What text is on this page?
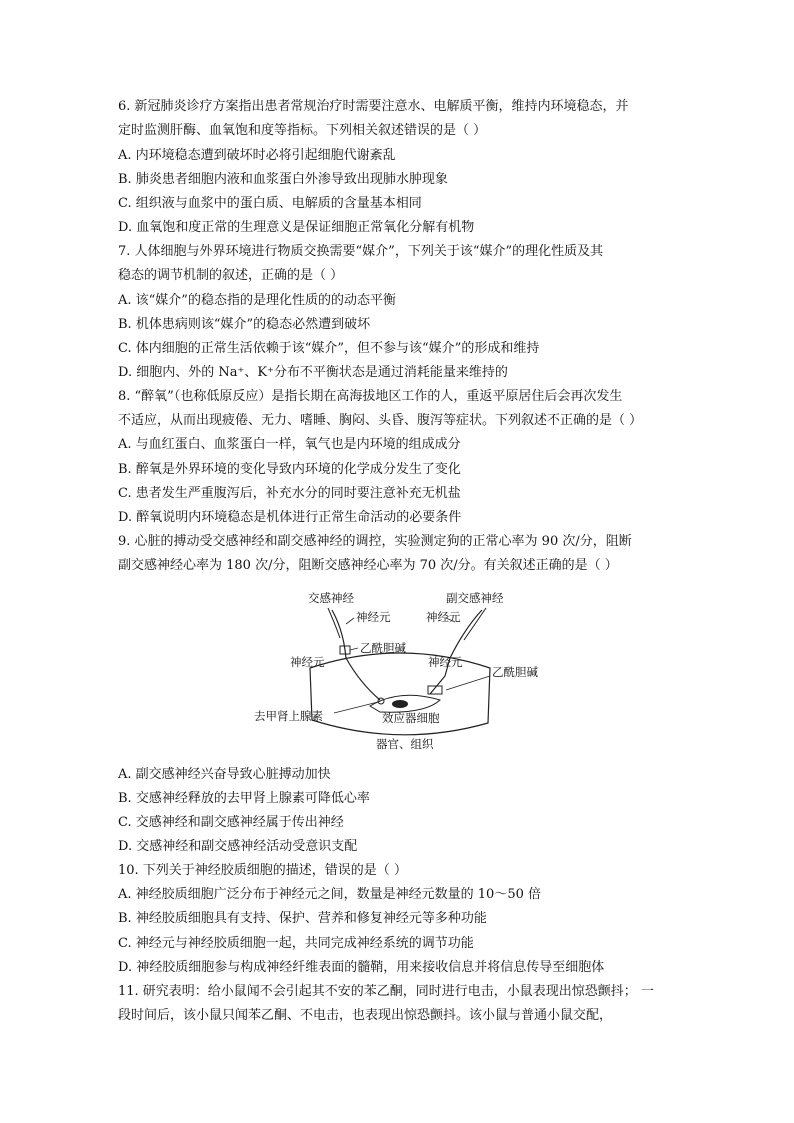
6. 新冠肺炎诊疗方案指出患者常规治疗时需要注意水、电解质平衡，维持内环境稳态，并
定时监测肝酶、血氧饱和度等指标。下列相关叙述错误的是（ ）
A. 内环境稳态遭到破坏时必将引起细胞代谢紊乱
B. 肺炎患者细胞内液和血浆蛋白外渗导致出现肺水肿现象
C. 组织液与血浆中的蛋白质、电解质的含量基本相同
D. 血氧饱和度正常的生理意义是保证细胞正常氧化分解有机物
7. 人体细胞与外界环境进行物质交换需要“媒介”，下列关于该“媒介”的理化性质及其
稳态的调节机制的叙述，正确的是（ ）
A. 该“媒介”的稳态指的是理化性质的的动态平衡
B. 机体患病则该“媒介”的稳态必然遭到破坏
C. 体内细胞的正常生活依赖于该“媒介”，但不参与该“媒介”的形成和维持
D. 细胞内、外的 Na⁺、K⁺分布不平衡状态是通过消耗能量来维持的
8. “醉氧”（也称低原反应）是指长期在高海拔地区工作的人，重返平原居住后会再次发生
不适应，从而出现疲倦、无力、嗜睡、胸闷、头昏、腹泻等症状。下列叙述不正确的是（ ）
A. 与血红蛋白、血浆蛋白一样，氧气也是内环境的组成成分
B. 醉氧是外界环境的变化导致内环境的化学成分发生了变化
C. 患者发生严重腹泻后，补充水分的同时要注意补充无机盐
D. 醉氧说明内环境稳态是机体进行正常生命活动的必要条件
9. 心脏的搏动受交感神经和副交感神经的调控，实验测定狗的正常心率为 90 次/分，阻断
副交感神经心率为 180 次/分，阻断交感神经心率为 70 次/分。有关叙述正确的是（ ）
交感神经	副交感神经
神经元	神经元
乙酰胆碱
神经元	神经元
乙酰胆碱
去甲肾上腺素	效应器细胞
器官、组织
A. 副交感神经兴奋导致心脏搏动加快
B. 交感神经释放的去甲肾上腺素可降低心率
C. 交感神经和副交感神经属于传出神经
D. 交感神经和副交感神经活动受意识支配
10. 下列关于神经胶质细胞的描述，错误的是（ ）
A. 神经胶质细胞广泛分布于神经元之间，数量是神经元数量的 10～50 倍
B. 神经胶质细胞具有支持、保护、营养和修复神经元等多种功能
C. 神经元与神经胶质细胞一起，共同完成神经系统的调节功能
D. 神经胶质细胞参与构成神经纤维表面的髓鞘，用来接收信息并将信息传导至细胞体
11. 研究表明：给小鼠闻不会引起其不安的苯乙酮，同时进行电击，小鼠表现出惊恐颤抖； 一
段时间后，该小鼠只闻苯乙酮、不电击，也表现出惊恐颤抖。该小鼠与普通小鼠交配，
